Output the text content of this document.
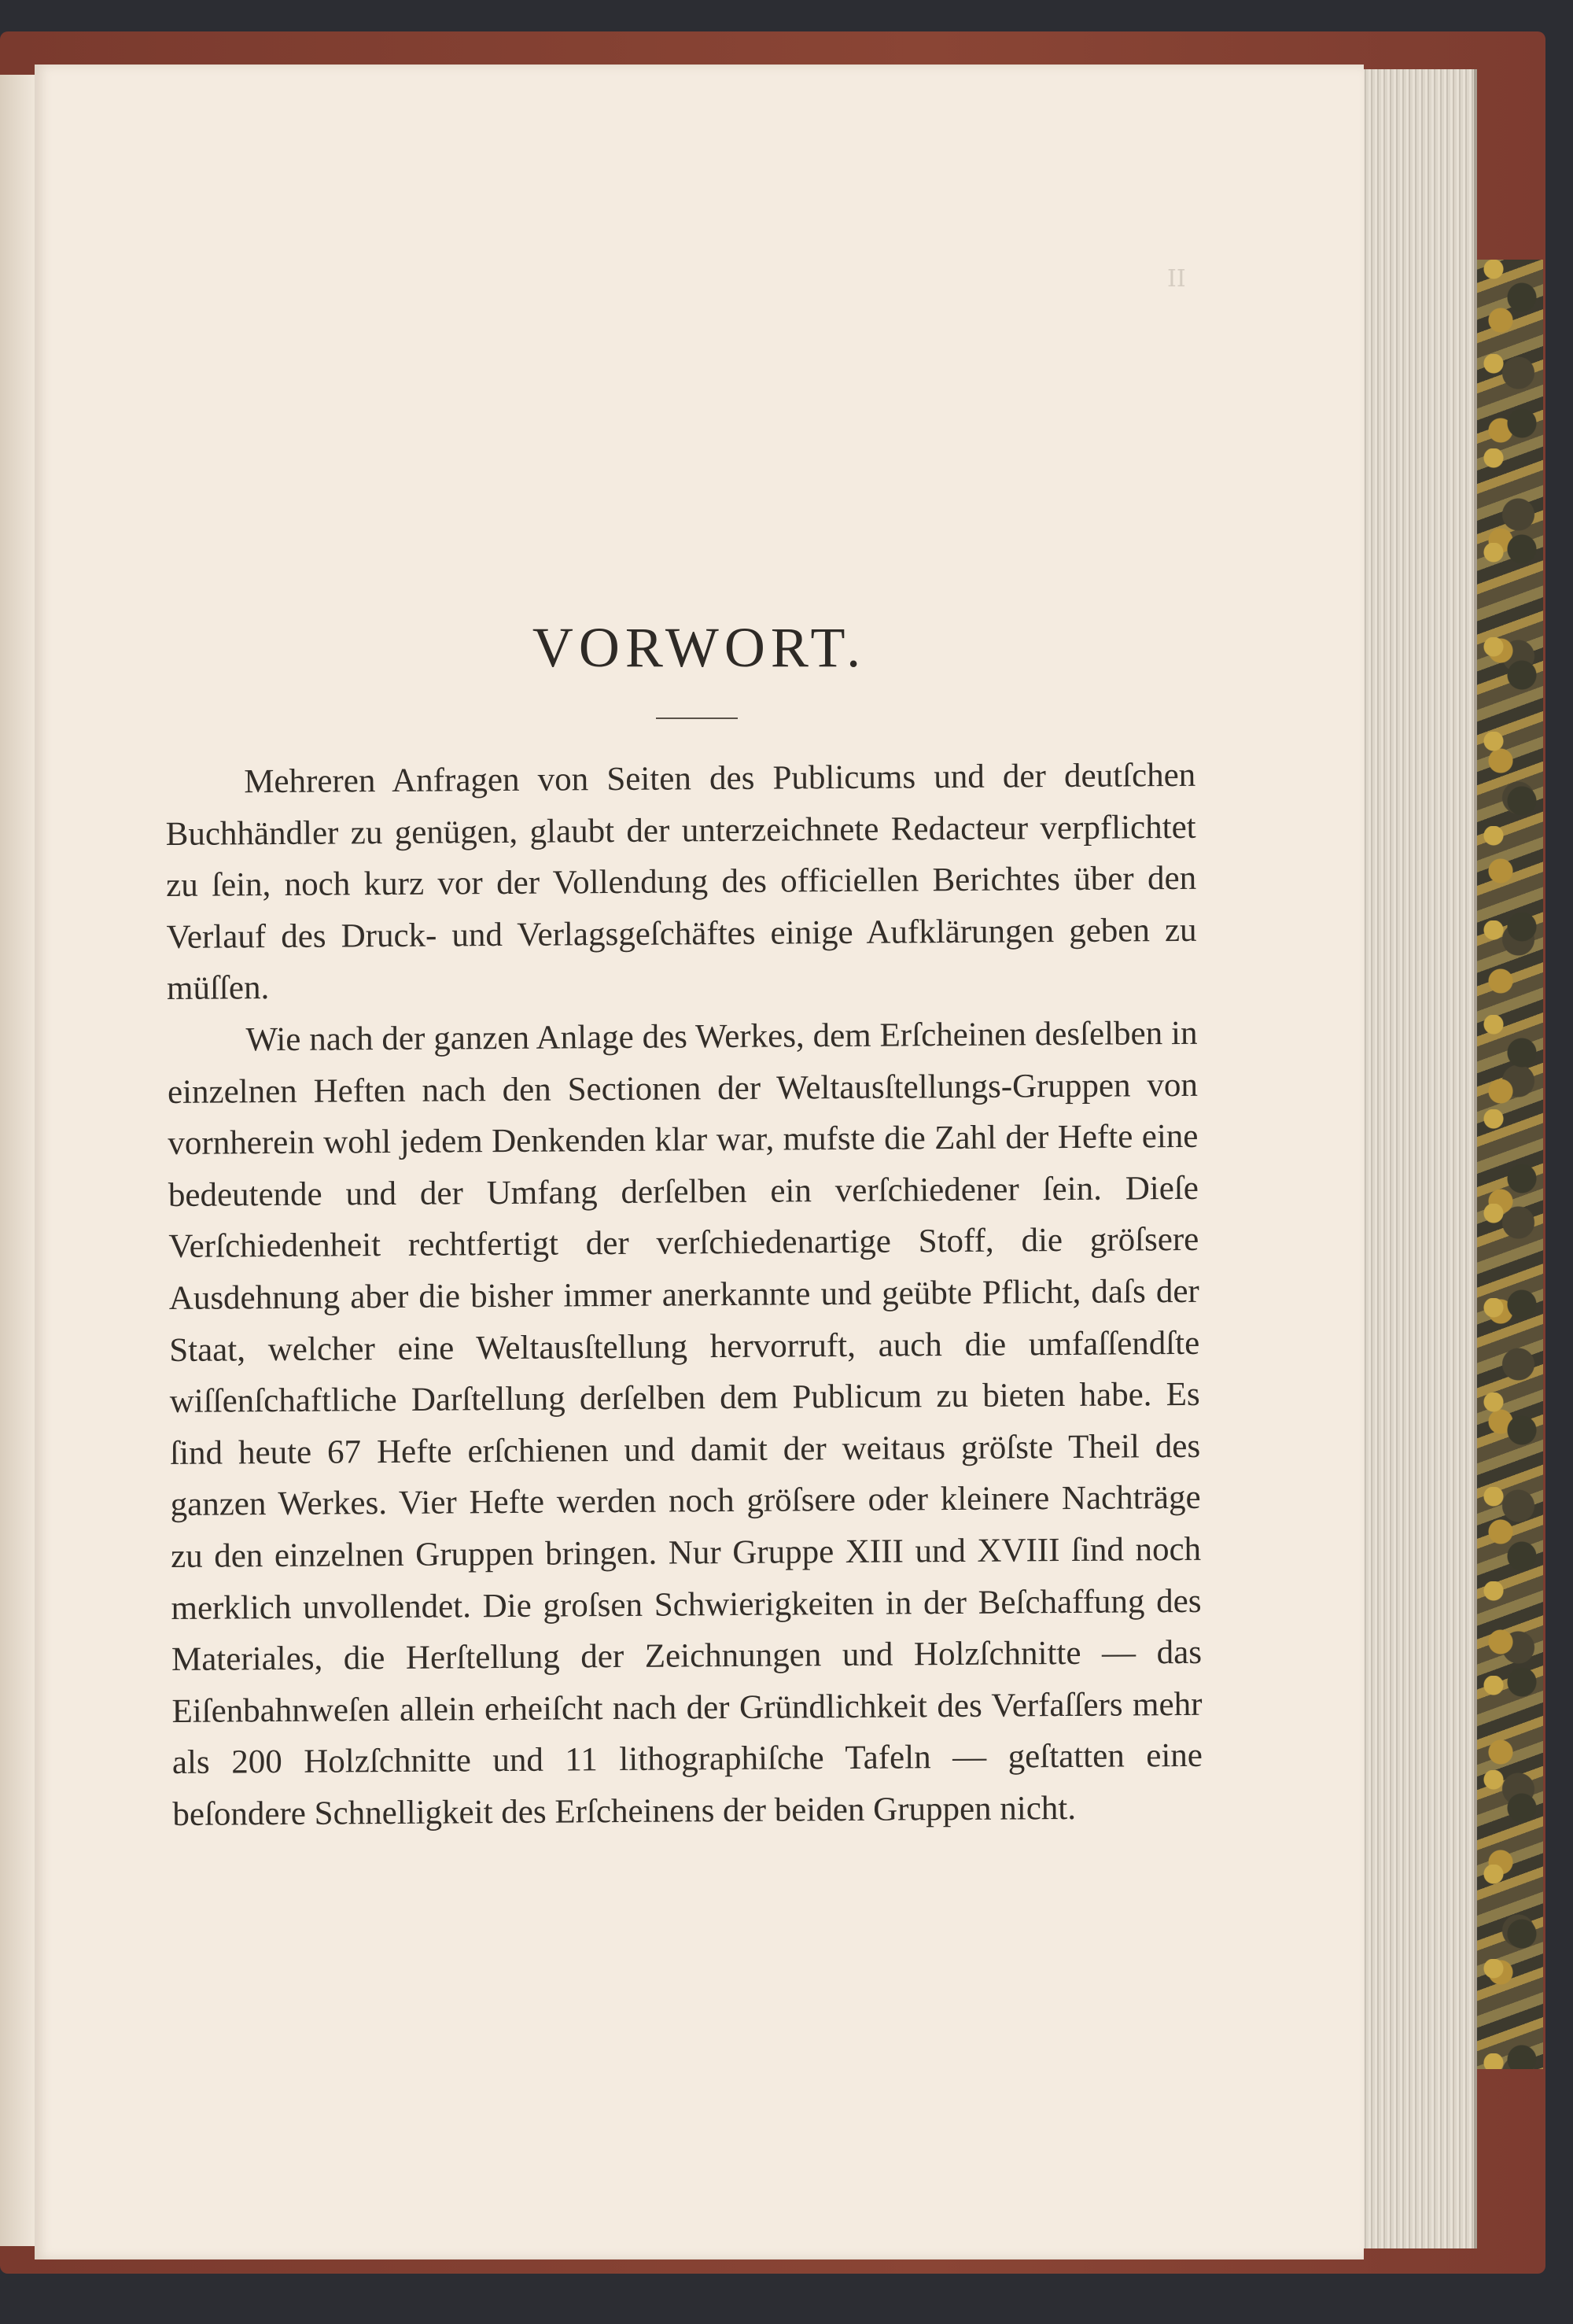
II
VORWORT.

Mehreren Anfragen von Seiten des Publicums und der deutſchen Buchhändler zu genügen, glaubt der unterzeichnete Redacteur verpflichtet zu ſein, noch kurz vor der Vollendung des officiellen Berichtes über den Verlauf des Druck- und Verlagsgeſchäftes einige Aufklärungen geben zu müſſen.

Wie nach der ganzen Anlage des Werkes, dem Erſcheinen desſelben in einzelnen Heften nach den Sectionen der Weltausſtellungs-Gruppen von vornherein wohl jedem Denkenden klar war, mufste die Zahl der Hefte eine bedeutende und der Umfang derſelben ein verſchiedener ſein. Dieſe Verſchiedenheit rechtfertigt der verſchiedenartige Stoff, die gröſsere Ausdehnung aber die bisher immer anerkannte und geübte Pflicht, daſs der Staat, welcher eine Weltausſtellung hervorruft, auch die umfaſſendſte wiſſenſchaftliche Darſtellung derſelben dem Publicum zu bieten habe. Es ſind heute 67 Hefte erſchienen und damit der weitaus gröſste Theil des ganzen Werkes. Vier Hefte werden noch gröſsere oder kleinere Nachträge zu den einzelnen Gruppen bringen. Nur Gruppe XIII und XVIII ſind noch merklich unvollendet. Die groſsen Schwierigkeiten in der Beſchaffung des Materiales, die Herſtellung der Zeichnungen und Holzſchnitte — das Eiſenbahnweſen allein erheiſcht nach der Gründlichkeit des Verfaſſers mehr als 200 Holzſchnitte und 11 lithographiſche Tafeln — geſtatten eine beſondere Schnelligkeit des Erſcheinens der beiden Gruppen nicht.
